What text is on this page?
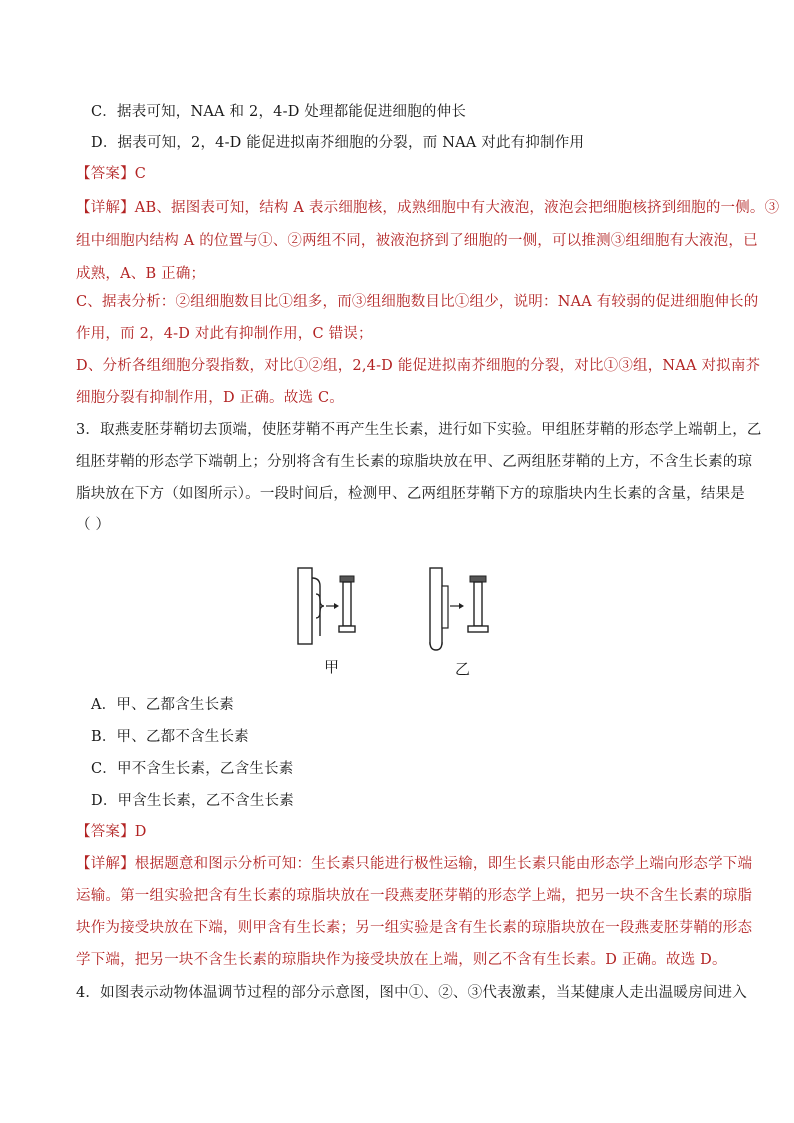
C．据表可知，NAA 和 2，4-D 处理都能促进细胞的伸长
D．据表可知，2，4-D 能促进拟南芥细胞的分裂，而 NAA 对此有抑制作用
【答案】C
【详解】AB、据图表可知，结构 A 表示细胞核，成熟细胞中有大液泡，液泡会把细胞核挤到细胞的一侧。③
组中细胞内结构 A 的位置与①、②两组不同，被液泡挤到了细胞的一侧，可以推测③组细胞有大液泡，已
成熟，A、B 正确；
C、据表分析：②组细胞数目比①组多，而③组细胞数目比①组少，说明：NAA 有较弱的促进细胞伸长的
作用，而 2，4-D 对此有抑制作用，C 错误；
D、分析各组细胞分裂指数，对比①②组，2,4-D 能促进拟南芥细胞的分裂，对比①③组，NAA 对拟南芥
细胞分裂有抑制作用，D 正确。故选 C。
3．取燕麦胚芽鞘切去顶端，使胚芽鞘不再产生生长素，进行如下实验。甲组胚芽鞘的形态学上端朝上，乙
组胚芽鞘的形态学下端朝上；分别将含有生长素的琼脂块放在甲、乙两组胚芽鞘的上方，不含生长素的琼
脂块放在下方（如图所示）。一段时间后，检测甲、乙两组胚芽鞘下方的琼脂块内生长素的含量，结果是
（ ）
A．甲、乙都含生长素
B．甲、乙都不含生长素
C．甲不含生长素，乙含生长素
D．甲含生长素，乙不含生长素
【答案】D
【详解】根据题意和图示分析可知：生长素只能进行极性运输，即生长素只能由形态学上端向形态学下端
运输。第一组实验把含有生长素的琼脂块放在一段燕麦胚芽鞘的形态学上端，把另一块不含生长素的琼脂
块作为接受块放在下端，则甲含有生长素；另一组实验是含有生长素的琼脂块放在一段燕麦胚芽鞘的形态
学下端，把另一块不含生长素的琼脂块作为接受块放在上端，则乙不含有生长素。D 正确。故选 D。
4．如图表示动物体温调节过程的部分示意图，图中①、②、③代表激素，当某健康人走出温暖房间进入
甲	乙
